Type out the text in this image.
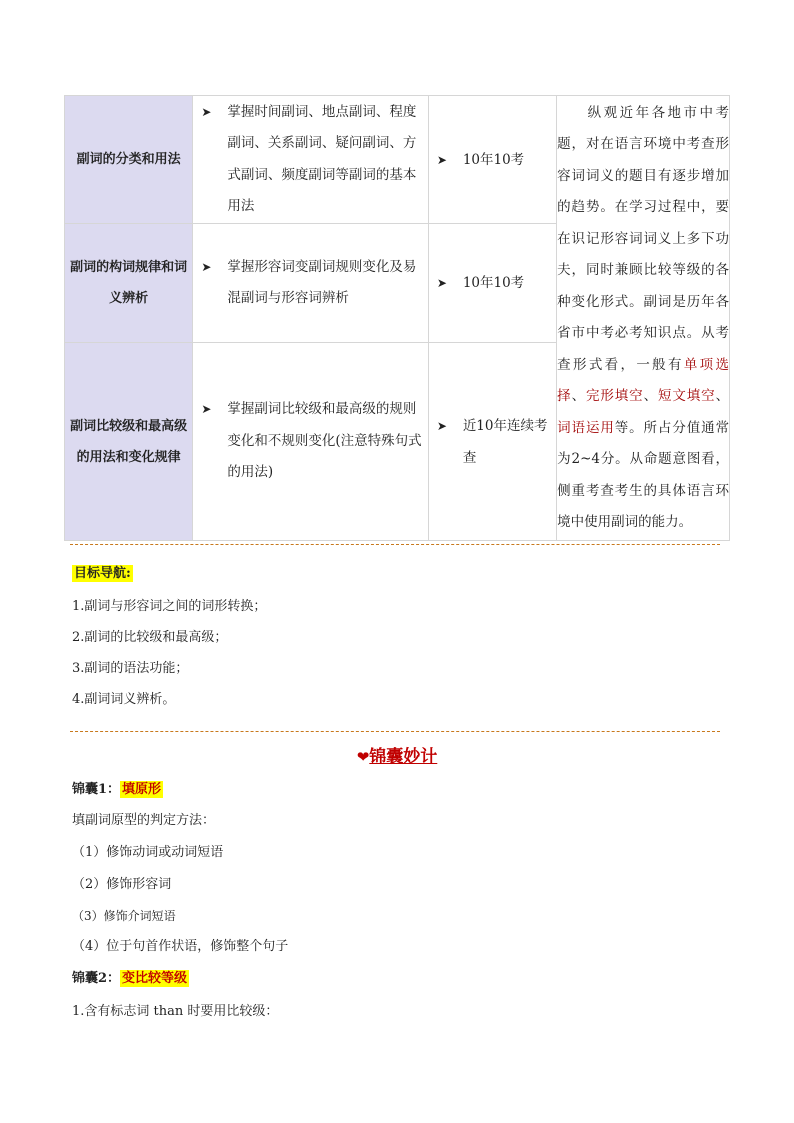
副词的分类和用法	➤ 掌握时间副词、地点副词、程度副词、关系副词、疑问副词、方式副词、频度副词等副词的基本用法	➤ 10年10考	纵观近年各地市中考题，对在语言环境中考查形容词词义的题目有逐步增加的趋势。在学习过程中，要在识记形容词词义上多下功夫，同时兼顾比较等级的各种变化形式。副词是历年各省市中考必考知识点。从考查形式看，一般有单项选择、完形填空、短文填空、词语运用等。所占分值通常为2~4分。从命题意图看，侧重考查考生的具体语言环境中使用副词的能力。
副词的构词规律和词义辨析	➤ 掌握形容词变副词规则变化及易混副词与形容词辨析	➤ 10年10考	

副词比较级和最高级的用法和变化规律	➤ 掌握副词比较级和最高级的规则变化和不规则变化(注意特殊句式的用法)	➤ 近10年连续考查	
目标导航:
1.副词与形容词之间的词形转换；
2.副词的比较级和最高级；
3.副词的语法功能；
4.副词词义辨析。
❤锦囊妙计
锦囊1： 填原形
填副词原型的判定方法：
（1）修饰动词或动词短语
（2）修饰形容词
（3）修饰介词短语
（4）位于句首作状语，修饰整个句子
锦囊2： 变比较等级
1.含有标志词 than 时要用比较级：
